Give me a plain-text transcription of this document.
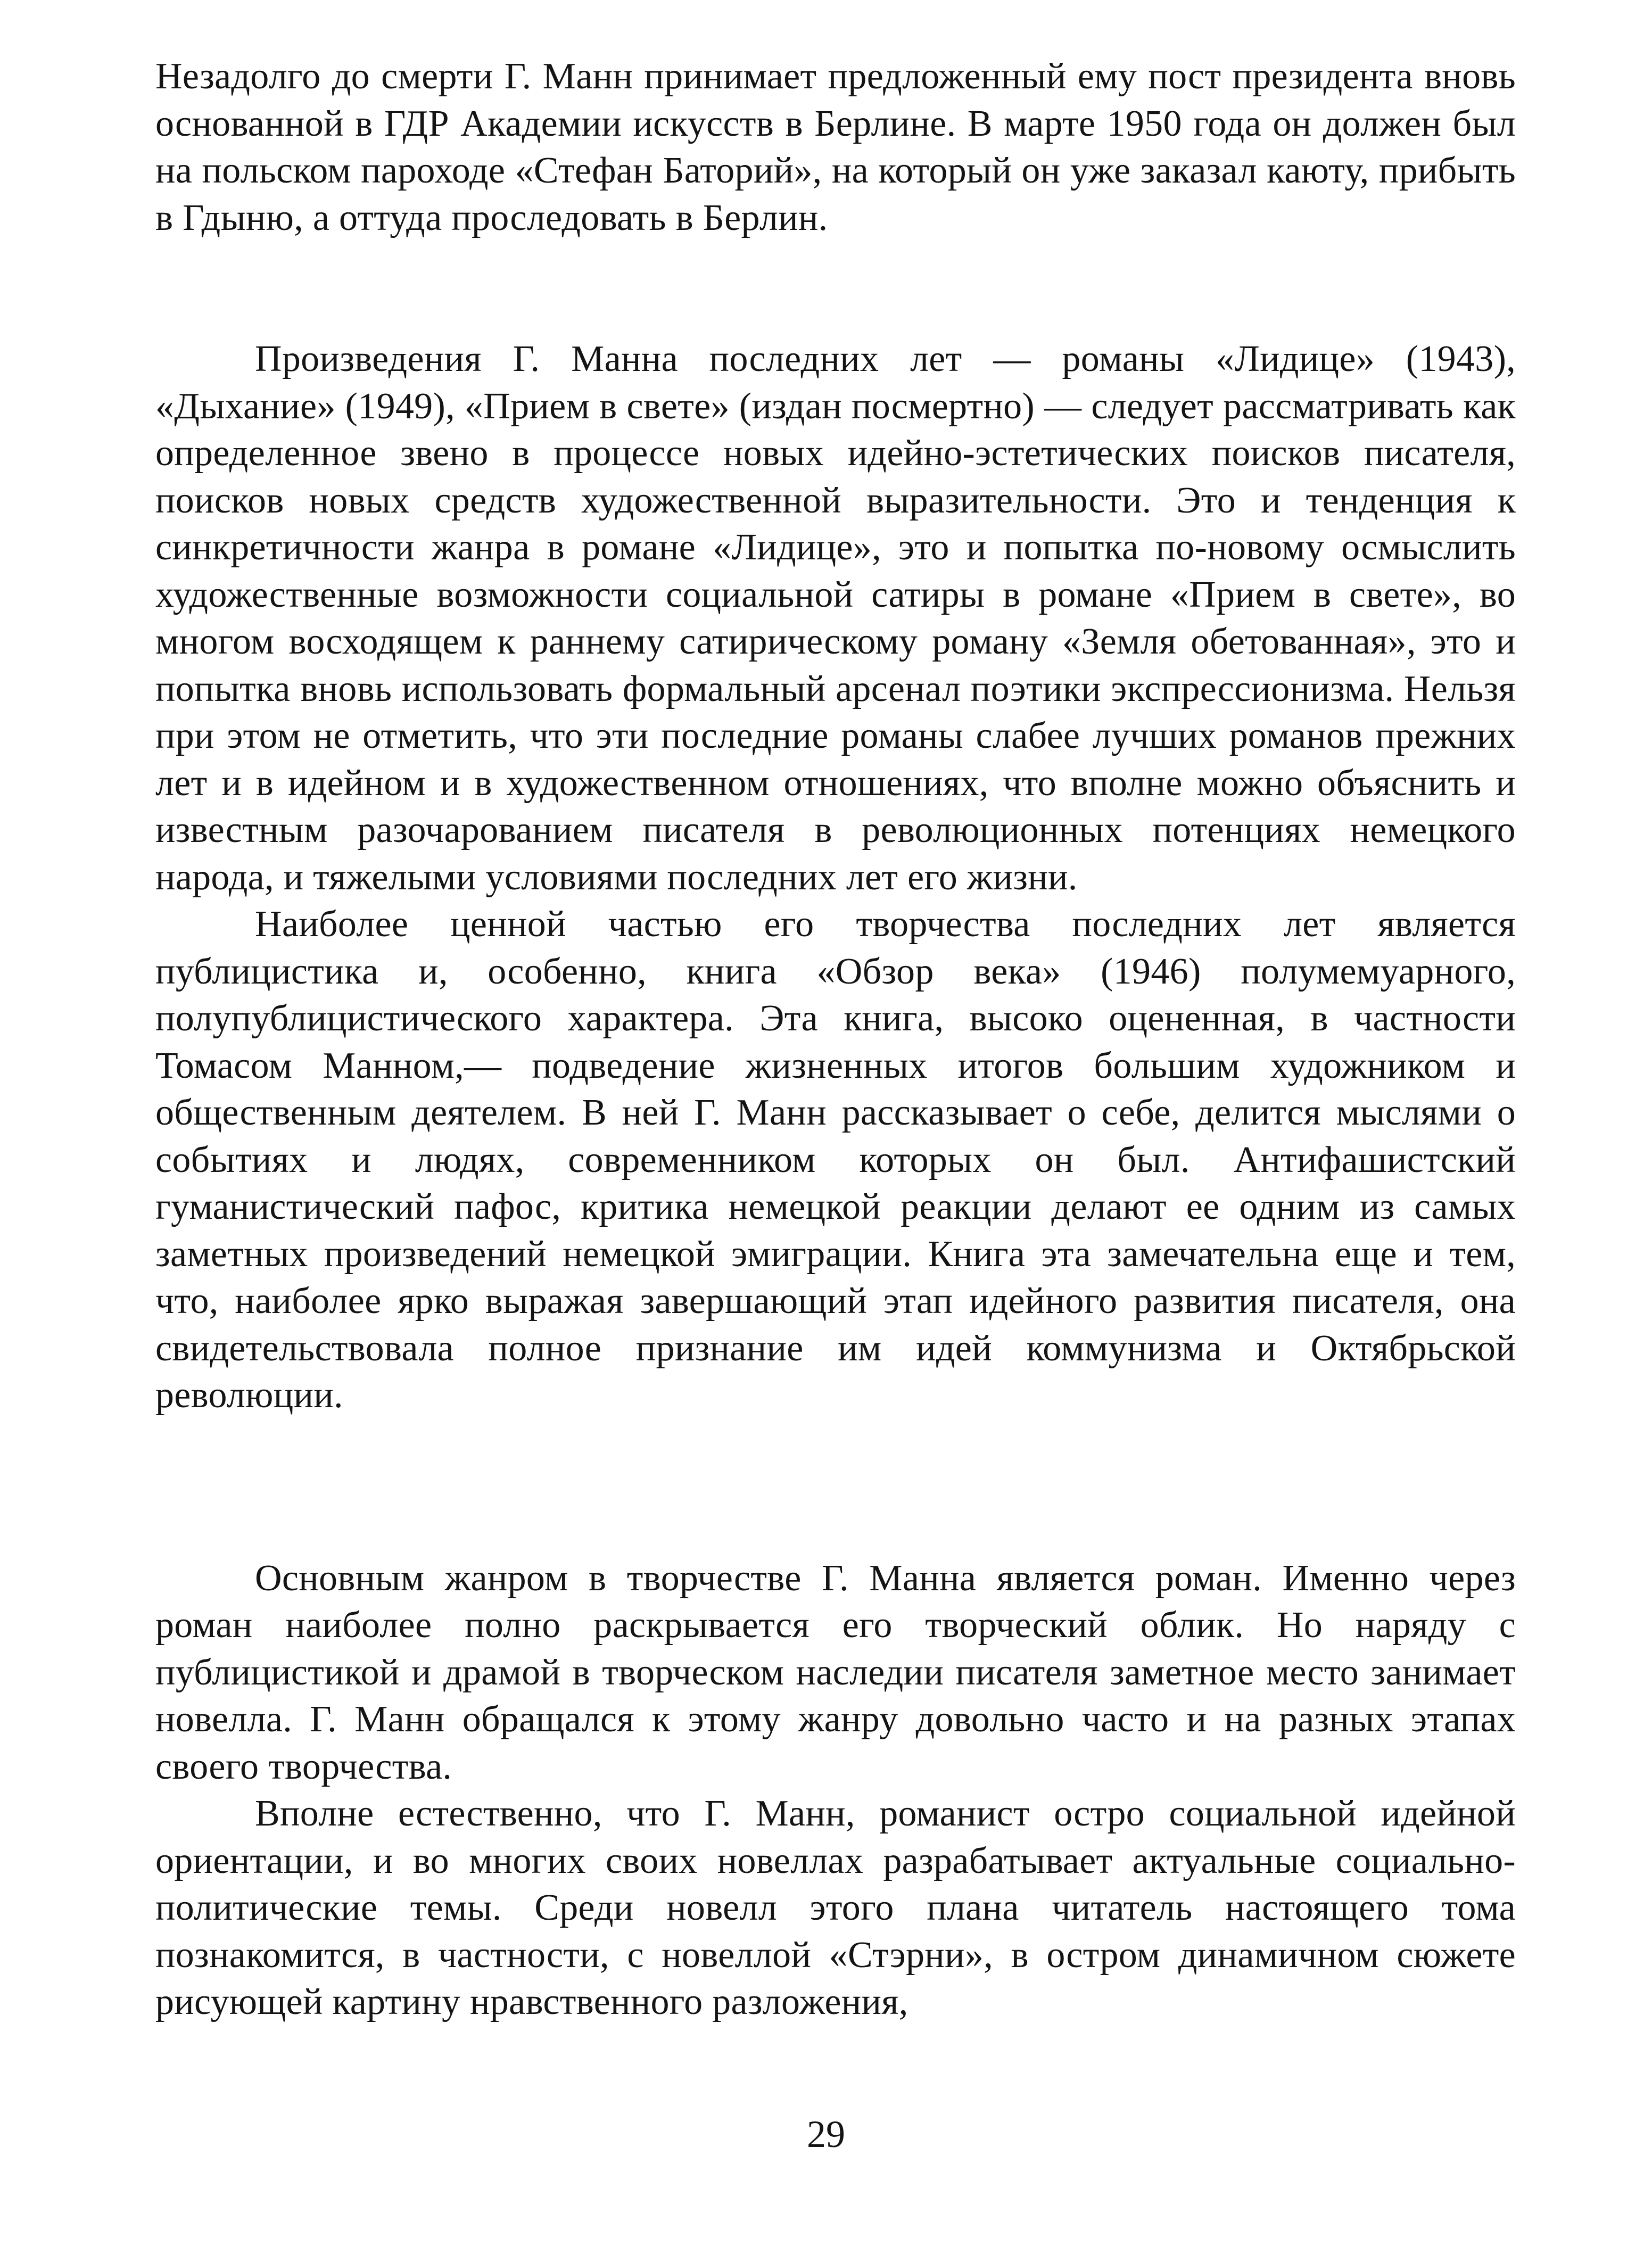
Незадолго до смерти Г. Манн принимает предложенный ему пост президента вновь основанной в ГДР Академии искусств в Берлине. В марте 1950 года он должен был на польском пароходе «Стефан Баторий», на который он уже заказал каюту, прибыть в Гдыню, а оттуда проследовать в Берлин.

Произведения Г. Манна последних лет — романы «Лидице» (1943), «Дыхание» (1949), «Прием в свете» (издан посмертно) — следует рассматривать как определенное звено в процессе новых идейно-эстетических поисков писателя, поисков новых средств художественной выразительности. Это и тенденция к синкретичности жанра в романе «Лидице», это и попытка по-новому осмыслить художественные возможности социальной сатиры в романе «Прием в свете», во многом восходящем к раннему сатирическому роману «Земля обетованная», это и попытка вновь использовать формальный арсенал поэтики экспрессионизма. Нельзя при этом не отметить, что эти последние романы слабее лучших романов прежних лет и в идейном и в художественном отношениях, что вполне можно объяснить и известным разочарованием писателя в революционных потенциях немецкого народа, и тяжелыми условиями последних лет его жизни.

Наиболее ценной частью его творчества последних лет является публицистика и, особенно, книга «Обзор века» (1946) полумемуарного, полупублицистического характера. Эта книга, высоко оцененная, в частности Томасом Манном,— подведение жизненных итогов большим художником и общественным деятелем. В ней Г. Манн рассказывает о себе, делится мыслями о событиях и людях, современником которых он был. Антифашистский гуманистический пафос, критика немецкой реакции делают ее одним из самых заметных произведений немецкой эмиграции. Книга эта замечательна еще и тем, что, наиболее ярко выражая завершающий этап идейного развития писателя, она свидетельствовала полное признание им идей коммунизма и Октябрьской революции.

Основным жанром в творчестве Г. Манна является роман. Именно через роман наиболее полно раскрывается его творческий облик. Но наряду с публицистикой и драмой в творческом наследии писателя заметное место занимает новелла. Г. Манн обращался к этому жанру довольно часто и на разных этапах своего творчества.

Вполне естественно, что Г. Манн, романист остро социальной идейной ориентации, и во многих своих новеллах разрабатывает актуальные социально-политические темы. Среди новелл этого плана читатель настоящего тома познакомится, в частности, с новеллой «Стэрни», в остром динамичном сюжете рисующей картину нравственного разложения,

29
